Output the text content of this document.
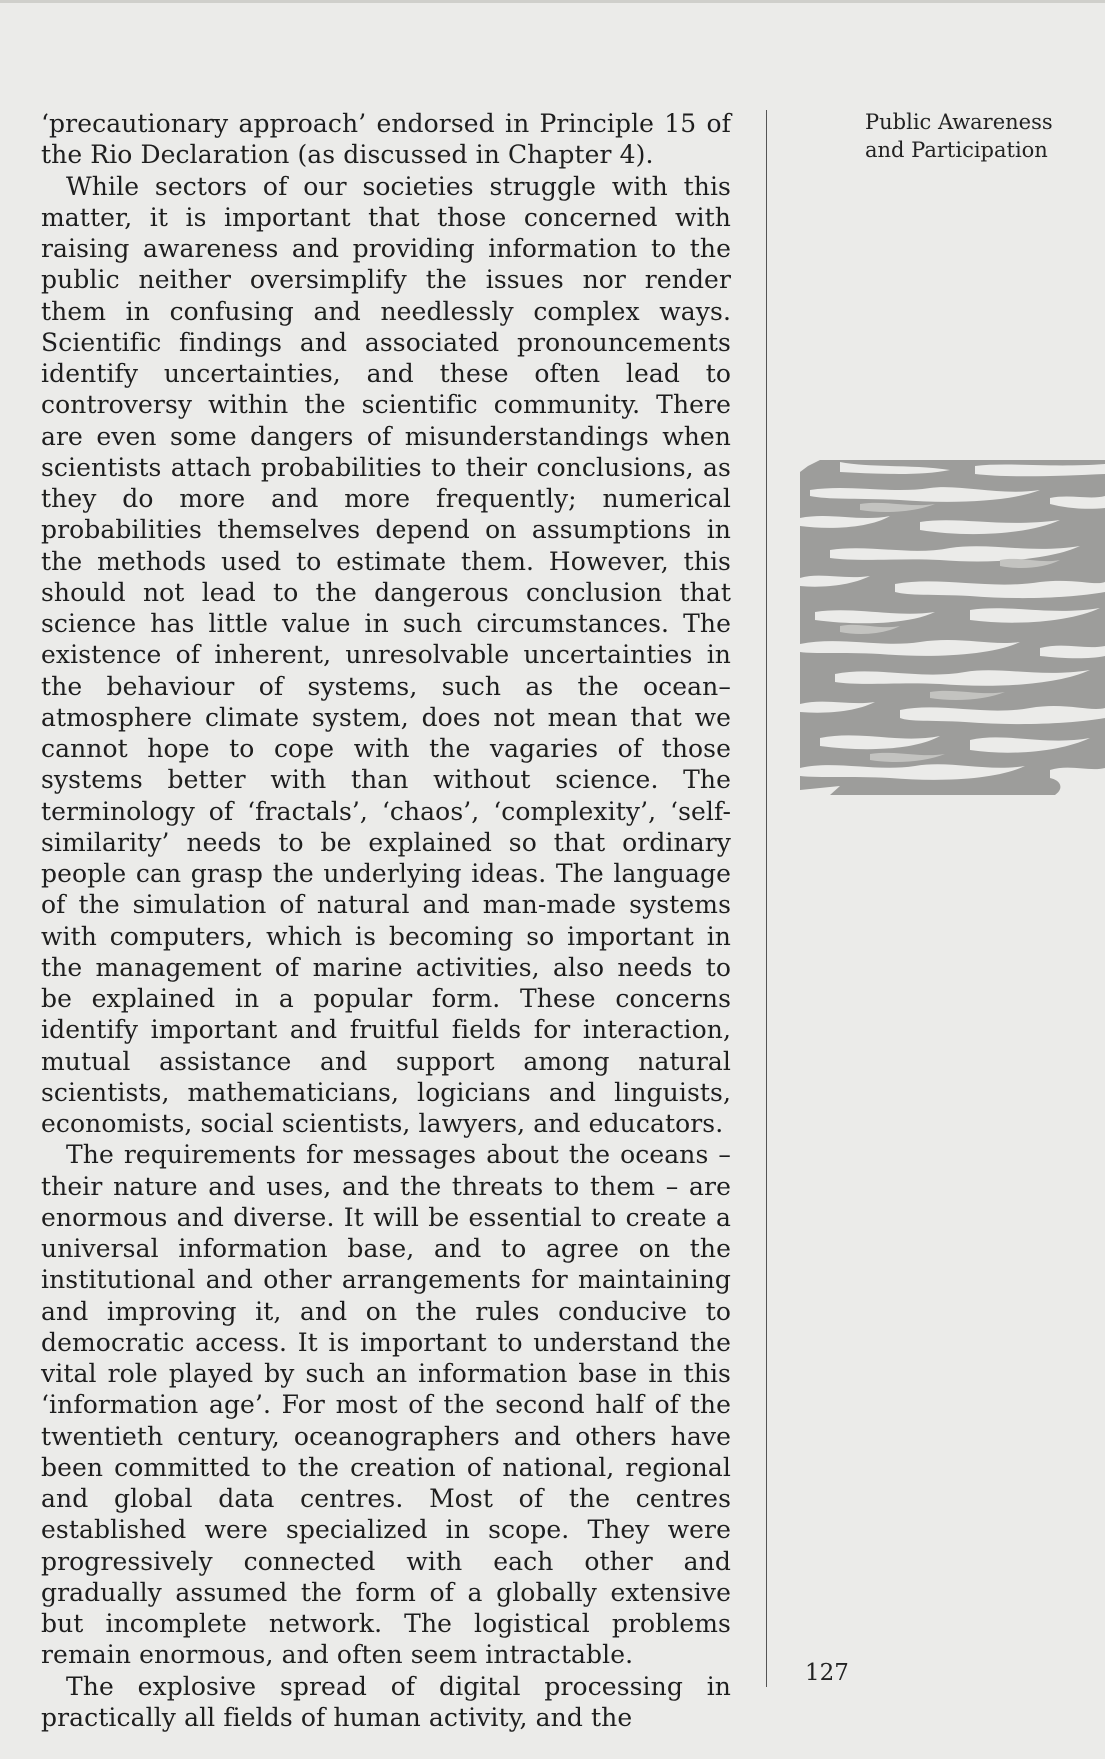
‘precautionary approach’ endorsed in Principle 15 of the Rio Declaration (as discussed in Chapter 4).

While sectors of our societies struggle with this matter, it is important that those concerned with raising awareness and providing information to the public neither oversimplify the issues nor render them in confusing and needlessly complex ways. Scientific findings and associated pronouncements identify uncertainties, and these often lead to controversy within the scientific community. There are even some dangers of misunderstandings when scientists attach probabilities to their conclusions, as they do more and more frequently; numerical probabilities themselves depend on assumptions in the methods used to estimate them. However, this should not lead to the dangerous conclusion that science has little value in such circumstances. The existence of inherent, unresolvable uncertainties in the behaviour of systems, such as the ocean–atmosphere climate system, does not mean that we cannot hope to cope with the vagaries of those systems better with than without science. The terminology of ‘fractals’, ‘chaos’, ‘complexity’, ‘self-similarity’ needs to be explained so that ordinary people can grasp the underlying ideas. The language of the simulation of natural and man-made systems with computers, which is becoming so important in the management of marine activities, also needs to be explained in a popular form. These concerns identify important and fruitful fields for interaction, mutual assistance and support among natural scientists, mathematicians, logicians and linguists, economists, social scientists, lawyers, and educators.

The requirements for messages about the oceans – their nature and uses, and the threats to them – are enormous and diverse. It will be essential to create a universal information base, and to agree on the institutional and other arrangements for maintaining and improving it, and on the rules conducive to democratic access. It is important to understand the vital role played by such an information base in this ‘information age’. For most of the second half of the twentieth century, oceanographers and others have been committed to the creation of national, regional and global data centres. Most of the centres established were specialized in scope. They were progressively connected with each other and gradually assumed the form of a globally extensive but incomplete network. The logistical problems remain enormous, and often seem intractable.

The explosive spread of digital processing in practically all fields of human activity, and the

Public Awareness
and Participation
127
